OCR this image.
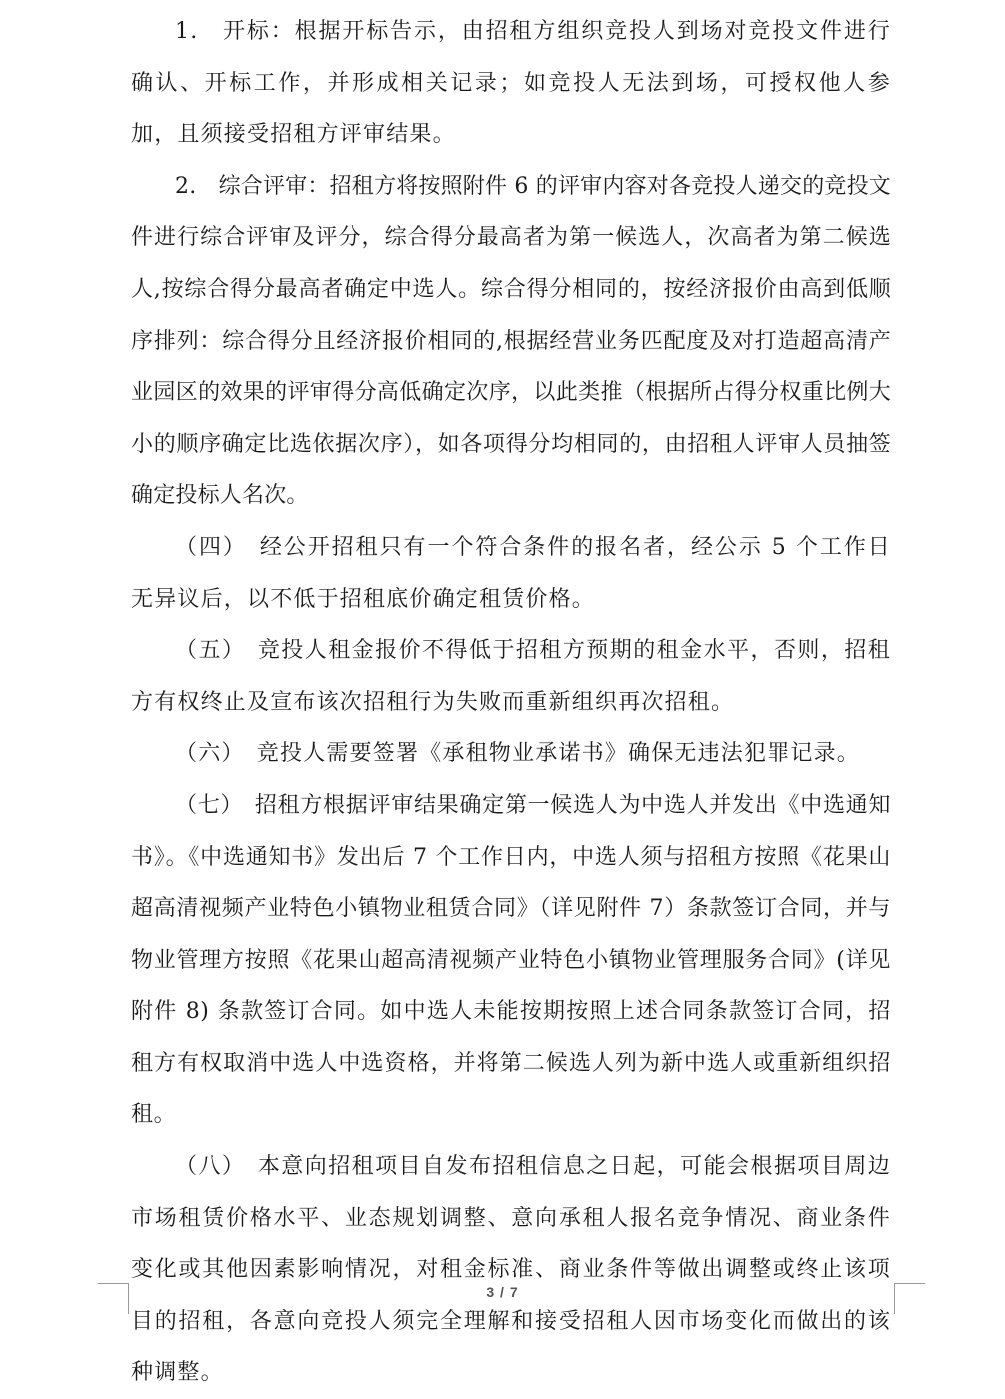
1.　开标：根据开标告示，由招租方组织竞投人到场对竞投文件进行确认、开标工作，并形成相关记录；如竞投人无法到场，可授权他人参加，且须接受招租方评审结果。

2.　综合评审：招租方将按照附件 6 的评审内容对各竞投人递交的竞投文件进行综合评审及评分，综合得分最高者为第一候选人，次高者为第二候选人,按综合得分最高者确定中选人。综合得分相同的，按经济报价由高到低顺序排列：综合得分且经济报价相同的,根据经营业务匹配度及对打造超高清产业园区的效果的评审得分高低确定次序，以此类推（根据所占得分权重比例大小的顺序确定比选依据次序），如各项得分均相同的，由招租人评审人员抽签确定投标人名次。

（四）　经公开招租只有一个符合条件的报名者，经公示 5 个工作日无异议后，以不低于招租底价确定租赁价格。

（五）　竞投人租金报价不得低于招租方预期的租金水平，否则，招租方有权终止及宣布该次招租行为失败而重新组织再次招租。

（六）　竞投人需要签署《承租物业承诺书》确保无违法犯罪记录。

（七）　招租方根据评审结果确定第一候选人为中选人并发出《中选通知书》。《中选通知书》发出后 7 个工作日内，中选人须与招租方按照《花果山超高清视频产业特色小镇物业租赁合同》（详见附件 7）条款签订合同，并与物业管理方按照《花果山超高清视频产业特色小镇物业管理服务合同》(详见附件 8) 条款签订合同。如中选人未能按期按照上述合同条款签订合同，招租方有权取消中选人中选资格，并将第二候选人列为新中选人或重新组织招租。

（八）　本意向招租项目自发布招租信息之日起，可能会根据项目周边市场租赁价格水平、业态规划调整、意向承租人报名竞争情况、商业条件变化或其他因素影响情况，对租金标准、商业条件等做出调整或终止该项目的招租，各意向竞投人须完全理解和接受招租人因市场变化而做出的该种调整。

3 / 7
